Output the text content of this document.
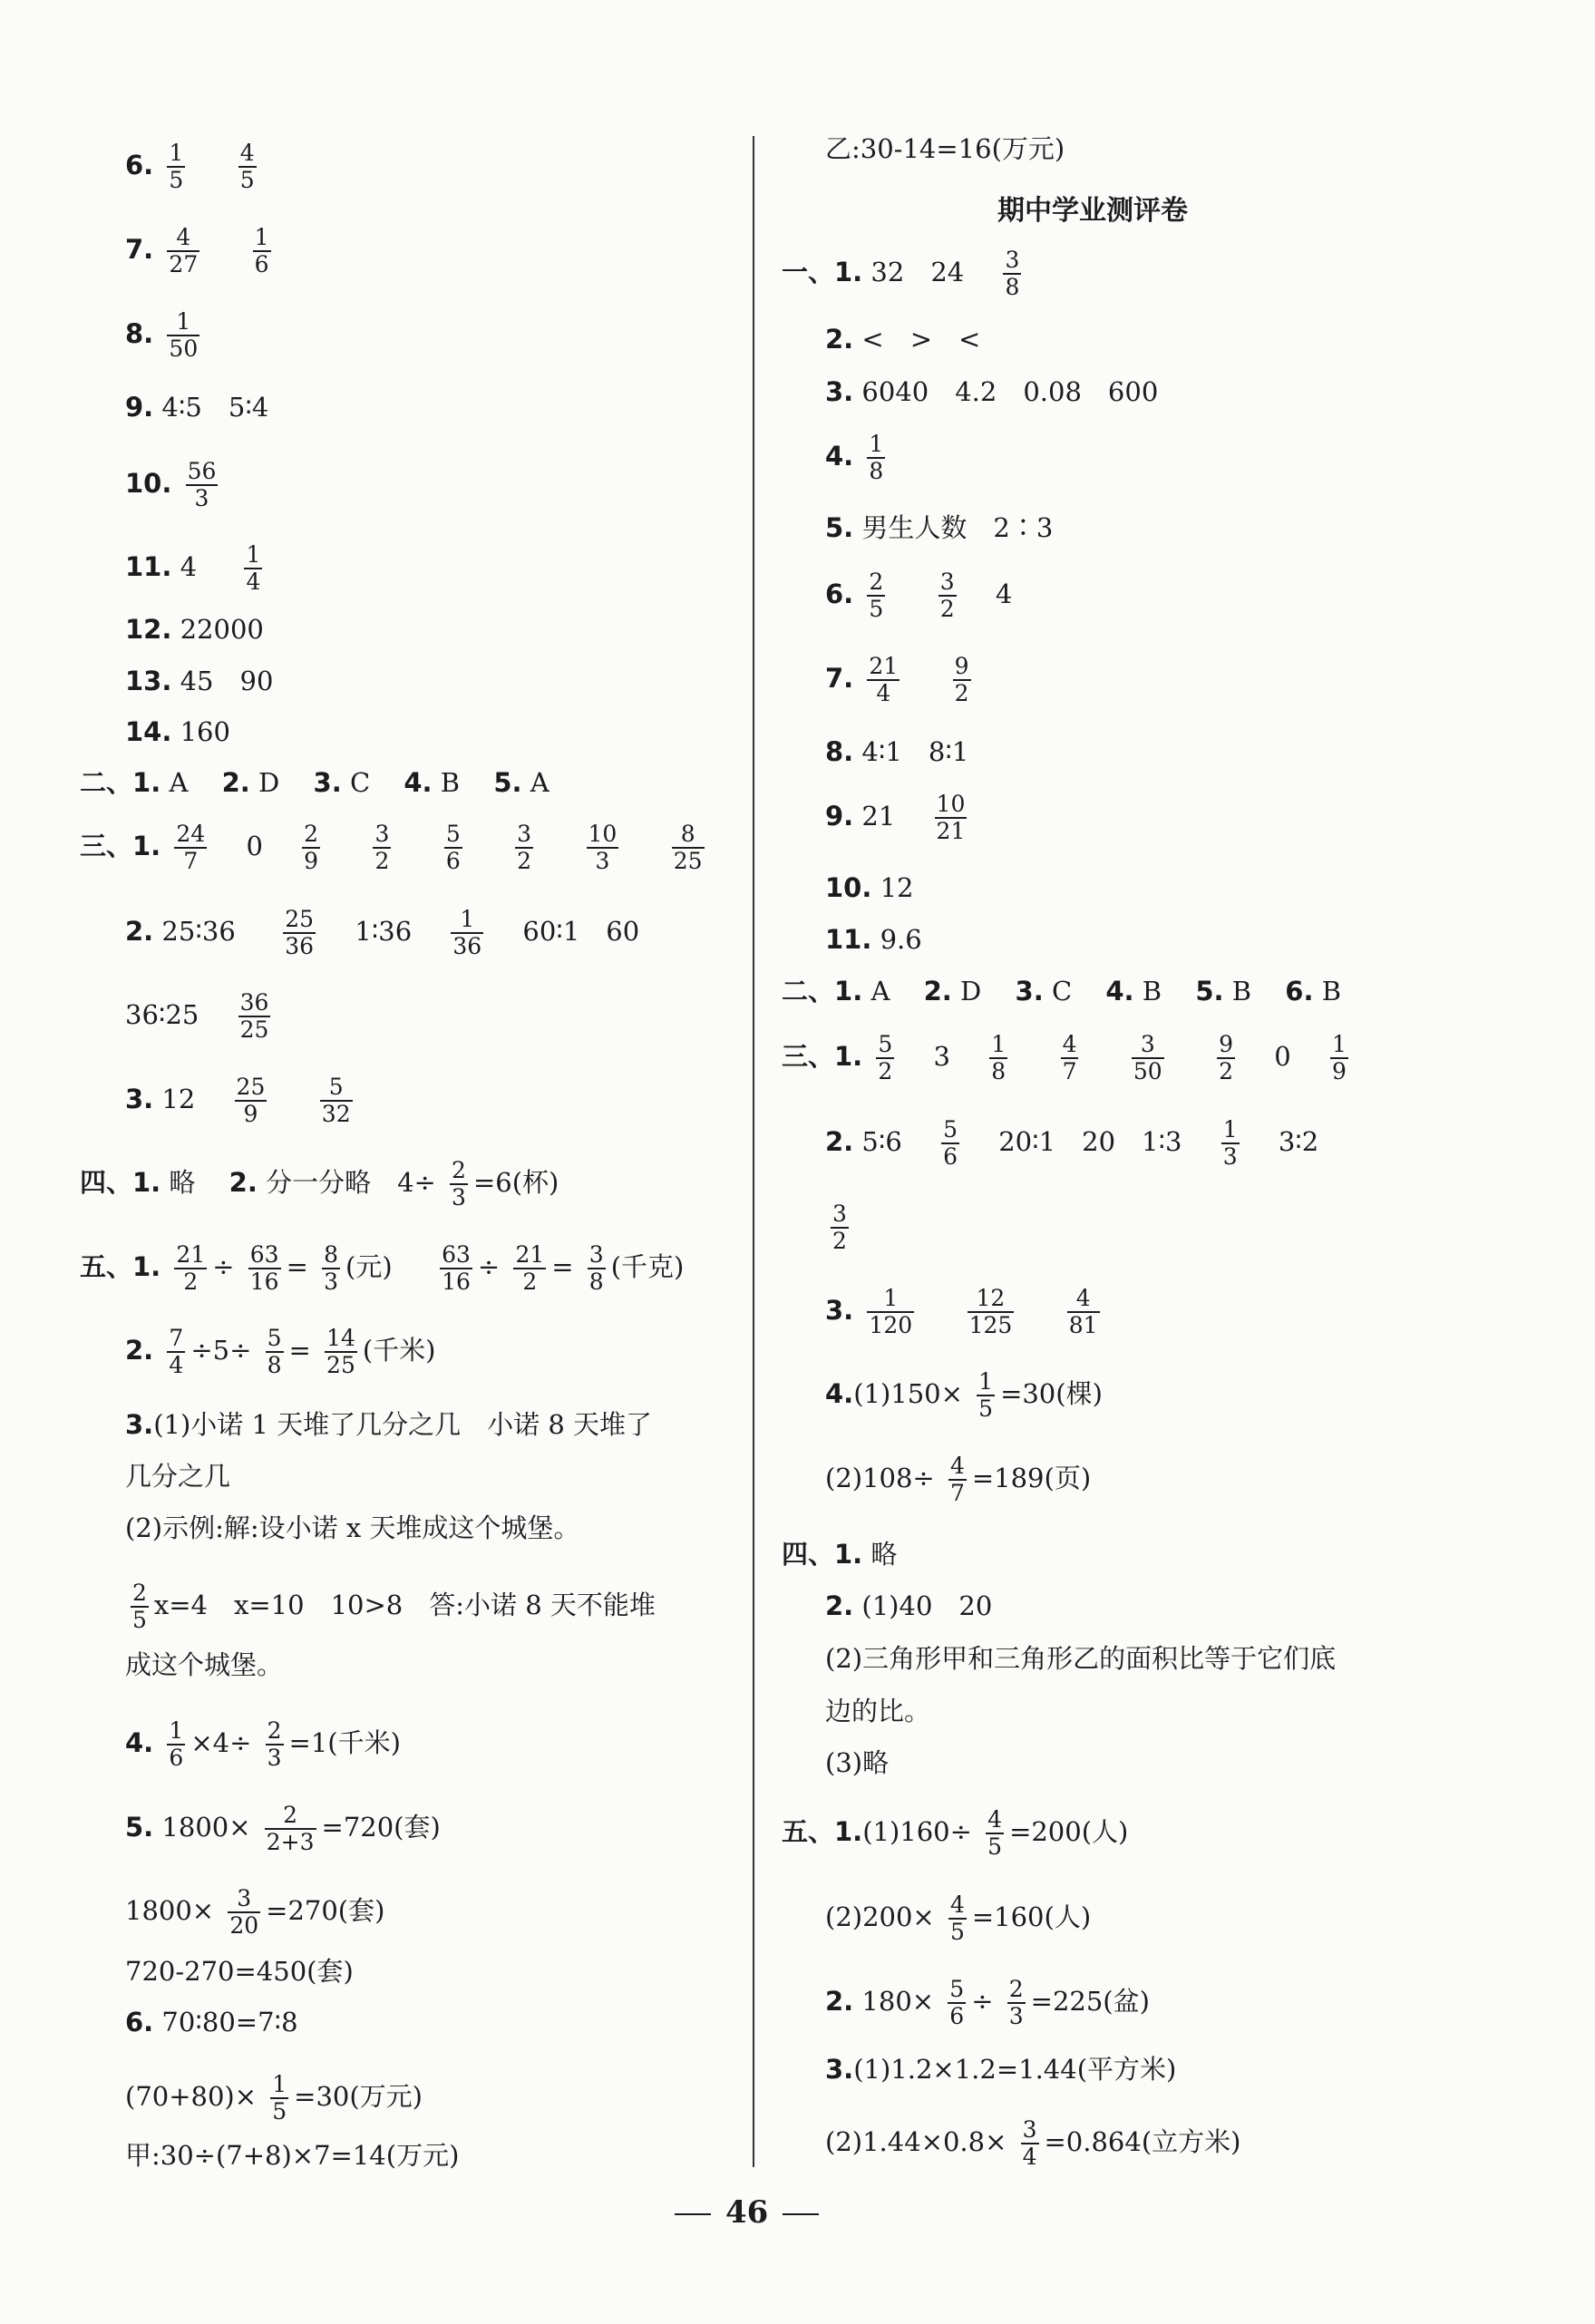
6. $\frac{1}{5}$
$\frac{4}{5}$
7. $\frac{4}{27}$
$\frac{1}{6}$
8. $\frac{1}{50}$
9. 4∶5　5∶4
10. $\frac{56}{3}$
11. $4 \frac{1}{4}$
12. 22000
13. 45　90
14. 160
二、1. A 2. D 3. C 4. B 5. A
三、1. $\frac{24}{7} 0 \frac{2}{9}$
$\frac{3}{2}$
$\frac{5}{6}$
$\frac{3}{2}$
$\frac{10}{3}$
$\frac{8}{25}$
2. 25∶36 $\frac{25}{36}$ 1∶36 $\frac{1}{36}$ 60∶1　60
36∶25 $\frac{36}{25}$
3. $12 \frac{25}{9}$
$\frac{5}{32}$
四、1. 略 2. 分一分略　$4\div \frac{2}{3} =6$(杯)
五、1. $\frac{21}{2} \div \frac{63}{16} = \frac{8}{3}$ (元) $\frac{63}{16} \div \frac{21}{2} = \frac{3}{8}$ (千克)
2. $\frac{7}{4} \div 5\div \frac{5}{8} = \frac{14}{25}$ (千米)
3.(1)小诺 1 天堆了几分之几　小诺 8 天堆了
几分之几
(2)示例:解:设小诺 x 天堆成这个城堡。
$\frac{2}{5} x=4$　x=10　10>8　答:小诺 8 天不能堆
成这个城堡。
4. $\frac{1}{6} \times 4\div \frac{2}{3} =1$(千米)
5. $1800\times \frac{2}{2+3} =720$(套)
$1800\times \frac{3}{20} =270$(套)
720-270=450(套)
6. 70∶80=7∶8
$(70+80)\times \frac{1}{5} =30$(万元)
甲:30÷(7+8)×7=14(万元)
乙:30-14=16(万元)
期中学业测评卷
一、1. 32　$24 \frac{3}{8}$
2. <　>　<
3. 6040　4.2　0.08　600
4. $\frac{1}{8}$
5. 男生人数　2∶3
6. $\frac{2}{5}$
$\frac{3}{2} 4$
7. $\frac{21}{4}$
$\frac{9}{2}$
8. 4∶1　8∶1
9. $21 \frac{10}{21}$
10. 12
11. 9.6
二、1. A 2. D 3. C 4. B 5. B 6. B
三、1. $\frac{5}{2} 3 \frac{1}{8}$
$\frac{4}{7}$
$\frac{3}{50}$
$\frac{9}{2} 0 \frac{1}{9}$
2. 5∶6 $\frac{5}{6}$ 20∶1　20　1∶3 $\frac{1}{3}$ 3∶2
$\frac{3}{2}$
3. $\frac{1}{120}$
$\frac{12}{125}$
$\frac{4}{81}$
$4.(1)150\times \frac{1}{5} =30$(棵)
$(2)108\div \frac{4}{7} =189$(页)
四、1. 略
2. (1)40　20
(2)三角形甲和三角形乙的面积比等于它们底
边的比。
(3)略
五、$1.(1)160\div \frac{4}{5} =200$(人)
$(2)200\times \frac{4}{5} =160$(人)
2. $180\times \frac{5}{6} \div \frac{2}{3} =225$(盆)
3.(1)1.2×1.2=1.44(平方米)
$(2)1.44\times 0.8\times \frac{3}{4} =0.864$(立方米)
46
